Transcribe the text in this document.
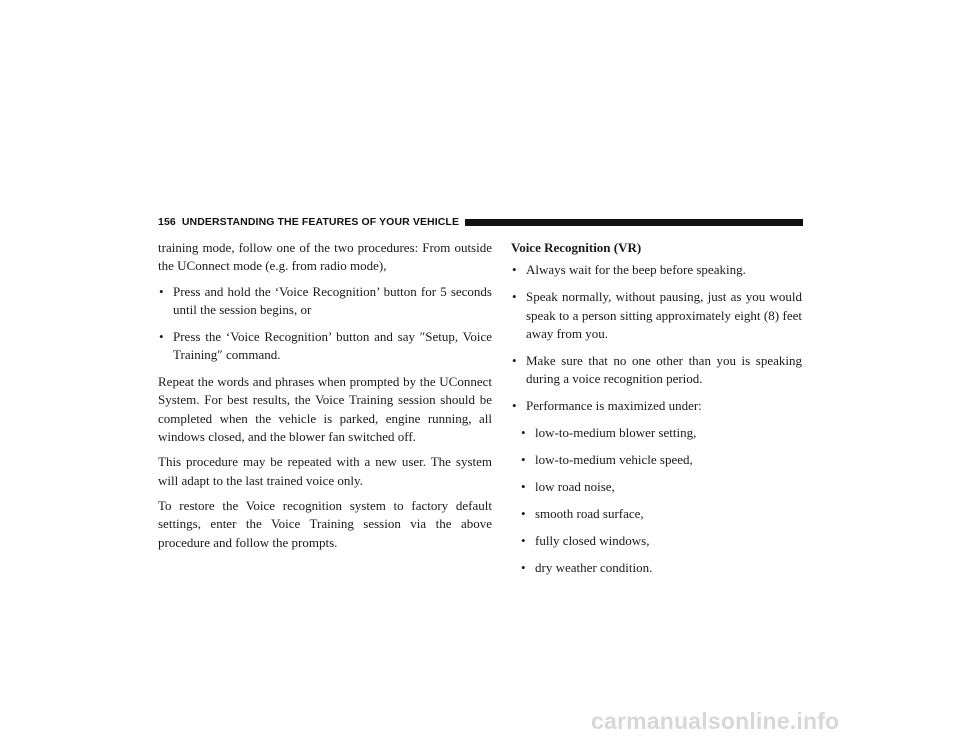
156 UNDERSTANDING THE FEATURES OF YOUR VEHICLE

training mode, follow one of the two procedures: From outside the UConnect mode (e.g. from radio mode),

• Press and hold the ‘Voice Recognition’ button for 5 seconds until the session begins, or
• Press the ‘Voice Recognition’ button and say ″Setup, Voice Training″ command.

Repeat the words and phrases when prompted by the UConnect System. For best results, the Voice Training session should be completed when the vehicle is parked, engine running, all windows closed, and the blower fan switched off.

This procedure may be repeated with a new user. The system will adapt to the last trained voice only.

To restore the Voice recognition system to factory default settings, enter the Voice Training session via the above procedure and follow the prompts.

Voice Recognition (VR)
• Always wait for the beep before speaking.
• Speak normally, without pausing, just as you would speak to a person sitting approximately eight (8) feet away from you.
• Make sure that no one other than you is speaking during a voice recognition period.
• Performance is maximized under:
• low-to-medium blower setting,
• low-to-medium vehicle speed,
• low road noise,
• smooth road surface,
• fully closed windows,
• dry weather condition.
carmanualsonline.info
